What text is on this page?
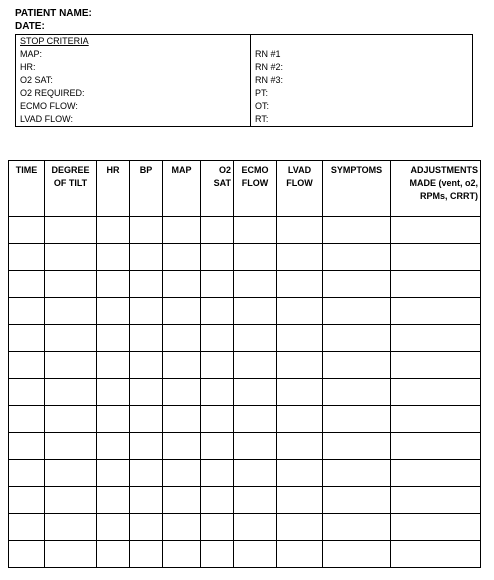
PATIENT NAME:
DATE:
STOP CRITERIA	
MAP:	RN #1
HR:	RN #2:
O2 SAT:	RN #3:
O2 REQUIRED:	PT:
ECMO FLOW:	OT:
LVAD FLOW:	RT:
TIME	DEGREE OF TILT	HR	BP	MAP	O2 SAT	ECMO FLOW	LVAD FLOW	SYMPTOMS	ADJUSTMENTS MADE (vent, o2, RPMs, CRRT)
